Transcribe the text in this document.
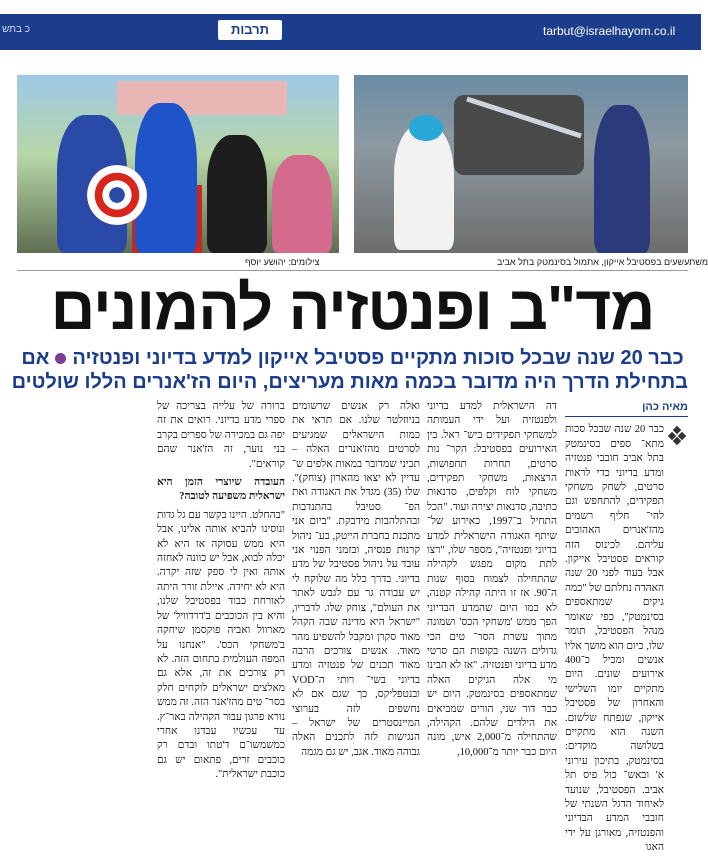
כ בתש	תרבות	tarbut@israelhayom.co.il
צילומים: יהושע יוסף	משתעשעים בפסטיבל אייקון, אתמול בסינמטק בתל אביב
מד"ב ופנטזיה להמונים
כבר 20 שנה שבכל סוכות מתקיים פסטיבל אייקון למדע בדיוני ופנטזיהאם
בתחילת הדרך היה מדובר בכמה מאות מעריצים, היום הז'אנרים הללו שולטים
מאיה כהן

כבר 20 שנה שבכל סכות מתא־ ספים בסינמטק בתל אביב חובבי פנטזיה ומדע בדיוני כדי לראות סרטים, לשחק משחקי תפקידים, להתחפש וגם להי־ חליף רשמים מהז'אנרים האהובים עליהם. לכינוס הזה קוראים פסטיבל אייקון. אבל בעוד לפני 20 שנה האהדה נחלתם של "כמה גיקים שמתאספים בסינמטק", כפי שאומר מנהל הפסטיבל, תומר שלו, כיום הוא מושך אליו אנשים ומכיל כ־400 אירועים שונים. היום מתקיים יומו השלישי והאחרון של פסטיבל אייקון, שנפתח שלשום. השנה הוא מתקיים בשלושה מוקדים: בסינמטק, בתיכון עירוני א' ובאש־ כול פיס תל אביב. הפסטיבל, שנועד לאיחוד הדגל השנתי של חובבי המדע הבדיוני והפנטזיה, מאורגן על ידי האגו

דה הישראלית למדע בדיוני ולפנטזיה ועל ידי העמותה למשחקי תפקידים ביש־ ראל. בין האירועים בפסטיבל: הקר־ נות סרטים, תחרות תחפושות, הרצאות, משחקי תפקידים, משחקי לוח וקלפים, סדנאות כתיבה, סדנאות יצירה ועוד. "הכל התחיל ב־1997, כאירוע של־ שיתף האגודה הישראלית למדע בדיוני ופנטזיה", מספר שלו, "רצו לתת מקום מפגש לקהילה שהתחילה לצמוח בסוף שנות ה־90. אז זו היתה קהילה קטנה, לא כמו היום שהמדע הבדיוני הפך ממש 'משחקי הכס' ושמונה מתוך עשרת הסר־ טים הכי גדולים השנה בקופות הם סרטי מדע בדיוני ופנטזיה. "אז לא הבינו מי אלה הגיקים האלה שמתאספים בסינמטק. היום יש כבר דור שני, הורים שמביאים את הילדים שלהם. הקהילה, שהתחילה מ־2,000 איש, מונה היום כבר יותר מ־10,000,

ואלה רק אנשים שרשומים בניוזלטר שלנו. אם תראי את כמות הישראלים שמגיעים לסרטים מהז'אנרים האלה – תביני שמדובר במאות אלפים ש־ עדיין לא יצאו מהארון (צוחק)". שלו (35) מגדל את האגודה ואת הפ־ סטיבל בהתנדבות ובהתלהבות מידבקת. "ביום אני מתכנת בחברת הייטק, בע־ ניהול קרנות פנסיה, ובזמני הפנוי אני עובד על ניהול פסטיבל של מדע בדיוני. בדרך כלל מה שלוקח לי יש עבודה גר עם לגבש לאתר את העולם", צוחק שלו. לדבריו, "ישראל היא מדינה שבה הקהל מאוד סקרן ומקבל להשפיע מהר מאוד. אנשים צורכים הרבה מאוד תכנים של פנטזיה ומדע בדיוני בשי־ רותי ה־VOD ובנטפליקס, כך שגם אם לא נחשפים לזה בערוצי המיינסטרים של ישראל – הנגישות לזה לתכנים האלה גבוהה מאוד. אגב, יש גם מגמה

ברורה של עלייה בצריכה של ספרי מדע בדיוני. רואים את זה יפה גם במכירה של ספרים בקרב בני נוער, זה הז'אנר שהם קוראים".

העובדה שיוצרי הזמן היא ישראלית משפיעה לטובה?

"בהחלט. היינו בקשר עם גל גדות ונוסינו להביא אותה אלינו, אבל היא ממש עסוקה אז היא לא יכלה לבוא, אבל יש כוונה לאחזה אותה ואין לי ספק שזה יקרה. היא לא יחידה. איילת זורר היתה לאורחת כבוד בפסטיבל שלנו, והיא בין הכוכבים ב'דרדוויל' של מארוול ואביה פוקסמן שיחקה ב'משחקי הכס'. "אנחנו על המפה העולמית בתחום הזה. לא רק צורכים את זה, אלא גם מאלצים ישראלים לוקחים חלק בסר־ טים מהז'אנר הזה. זה ממש נורא פרגון עבור הקהילה באר־ץ. עד עכשיו עבדנו אחרי כמשמשו־ם ד'טתו ובדם רק כוכבים זרים, פתאום יש גם כוכבת ישראלית".
